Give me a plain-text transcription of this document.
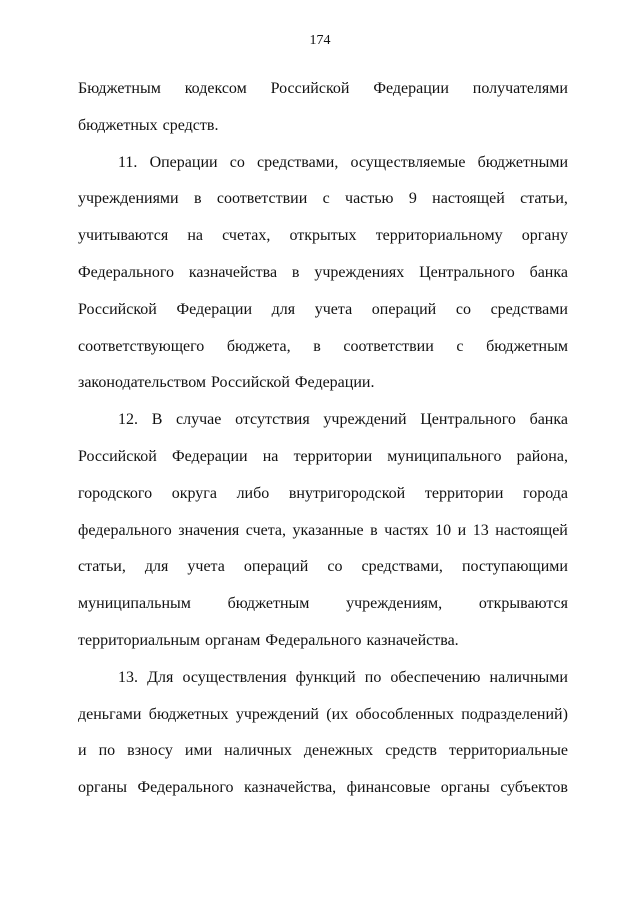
174
Бюджетным кодексом Российской Федерации получателями
бюджетных средств.
11. Операции со средствами, осуществляемые бюджетными
учреждениями в соответствии с частью 9 настоящей статьи,
учитываются на счетах, открытых территориальному органу
Федерального казначейства в учреждениях Центрального банка
Российской Федерации для учета операций со средствами
соответствующего бюджета, в соответствии с бюджетным
законодательством Российской Федерации.
12. В случае отсутствия учреждений Центрального банка
Российской Федерации на территории муниципального района,
городского округа либо внутригородской территории города
федерального значения счета, указанные в частях 10 и 13 настоящей
статьи, для учета операций со средствами, поступающими
муниципальным бюджетным учреждениям, открываются
территориальным органам Федерального казначейства.
13. Для осуществления функций по обеспечению наличными
деньгами бюджетных учреждений (их обособленных подразделений)
и по взносу ими наличных денежных средств территориальные
органы Федерального казначейства, финансовые органы субъектов
